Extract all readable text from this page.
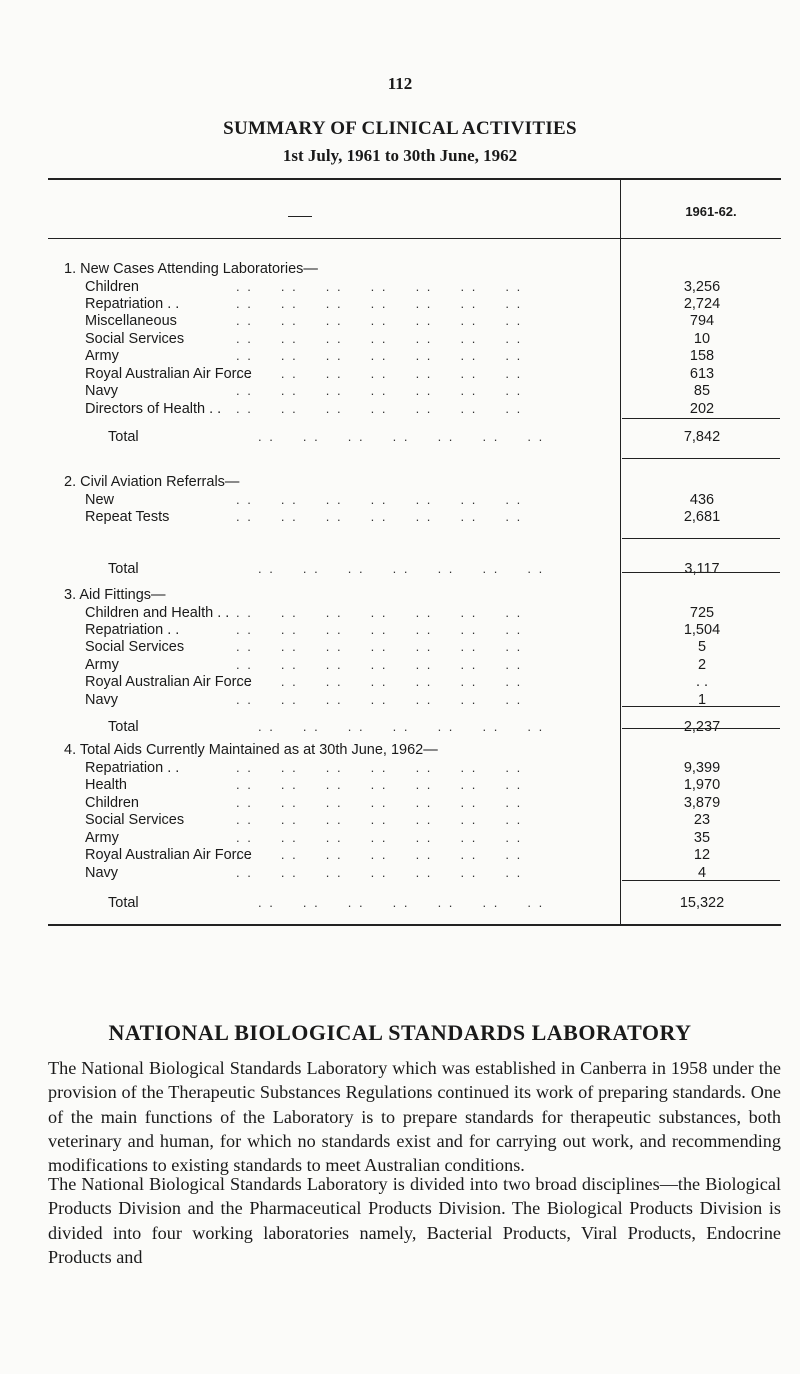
112
SUMMARY OF CLINICAL ACTIVITIES
1st July, 1961 to 30th June, 1962
1961-62.
1. New Cases Attending Laboratories—
. .     . .     . .     . .     . .     . .     . .
Children	3,256
. .     . .     . .     . .     . .     . .     . .
Repatriation . .	2,724
. .     . .     . .     . .     . .     . .     . .
Miscellaneous	794
. .     . .     . .     . .     . .     . .     . .
Social Services	10
. .     . .     . .     . .     . .     . .     . .
Army	158
. .     . .     . .     . .     . .     . .     . .
Royal Australian Air Force	613
. .     . .     . .     . .     . .     . .     . .
Navy	85
. .     . .     . .     . .     . .     . .     . .
Directors of Health . .	202
. .     . .     . .     . .     . .     . .     . .
Total	7,842
2. Civil Aviation Referrals—
. .     . .     . .     . .     . .     . .     . .
New	436
. .     . .     . .     . .     . .     . .     . .
Repeat Tests	2,681
. .     . .     . .     . .     . .     . .     . .
Total	3,117
3. Aid Fittings—
. .     . .     . .     . .     . .     . .     . .
Children and Health . .	725
. .     . .     . .     . .     . .     . .     . .
Repatriation . .	1,504
. .     . .     . .     . .     . .     . .     . .
Social Services	5
. .     . .     . .     . .     . .     . .     . .
Army	2
. .     . .     . .     . .     . .     . .     . .
Royal Australian Air Force	. .
. .     . .     . .     . .     . .     . .     . .
Navy	1
. .     . .     . .     . .     . .     . .     . .
Total	2,237
4. Total Aids Currently Maintained as at 30th June, 1962—
. .     . .     . .     . .     . .     . .     . .
Repatriation . .	9,399
. .     . .     . .     . .     . .     . .     . .
Health	1,970
. .     . .     . .     . .     . .     . .     . .
Children	3,879
. .     . .     . .     . .     . .     . .     . .
Social Services	23
. .     . .     . .     . .     . .     . .     . .
Army	35
. .     . .     . .     . .     . .     . .     . .
Royal Australian Air Force	12
. .     . .     . .     . .     . .     . .     . .
Navy	4
. .     . .     . .     . .     . .     . .     . .
Total	15,322
NATIONAL BIOLOGICAL STANDARDS LABORATORY
The National Biological Standards Laboratory which was established in Canberra in 1958 under the provision of the Therapeutic Substances Regulations continued its work of preparing standards. One of the main functions of the Laboratory is to prepare standards for therapeutic substances, both veterinary and human, for which no standards exist and for carrying out work, and recommending modifications to existing standards to meet Australian conditions.
The National Biological Standards Laboratory is divided into two broad disciplines—the Biological Products Division and the Pharmaceutical Products Division. The Biological Products Division is divided into four working laboratories namely, Bacterial Products, Viral Products, Endocrine Products and
